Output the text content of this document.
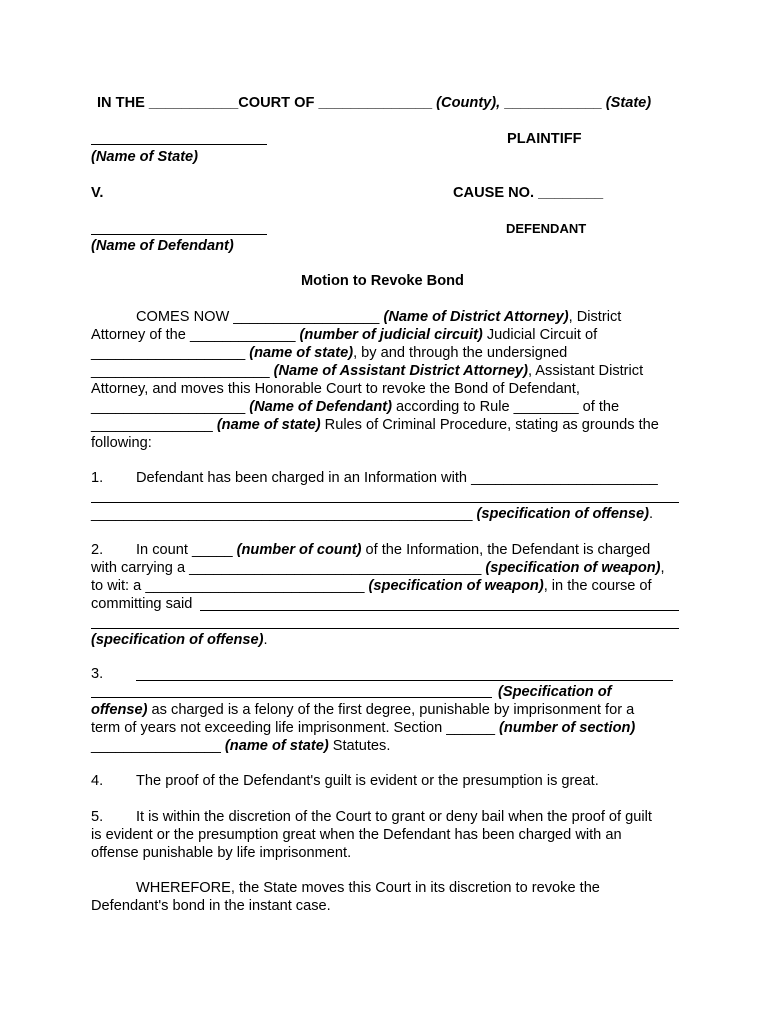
IN THE ___________COURT OF ______________ (County), ____________ (State)
PLAINTIFF
(Name of State)
V.	CAUSE NO. ________
DEFENDANT
(Name of Defendant)
Motion to Revoke Bond
COMES NOW __________________ (Name of District Attorney), District
Attorney of the _____________ (number of judicial circuit) Judicial Circuit of
___________________ (name of state), by and through the undersigned
______________________ (Name of Assistant District Attorney), Assistant District
Attorney, and moves this Honorable Court to revoke the Bond of Defendant,
___________________ (Name of Defendant) according to Rule ________ of the
_______________ (name of state) Rules of Criminal Procedure, stating as grounds the
following:
1. Defendant has been charged in an Information with _______________________
_______________________________________________ (specification of offense).
2. In count _____ (number of count) of the Information, the Defendant is charged
with carrying a ____________________________________ (specification of weapon),
to wit: a ___________________________ (specification of weapon), in the course of
committing said
(specification of offense).
3.
(Specification of
offense) as charged is a felony of the first degree, punishable by imprisonment for a
term of years not exceeding life imprisonment. Section ______ (number of section)
________________ (name of state) Statutes.
4. The proof of the Defendant's guilt is evident or the presumption is great.
5. It is within the discretion of the Court to grant or deny bail when the proof of guilt
is evident or the presumption great when the Defendant has been charged with an
offense punishable by life imprisonment.
WHEREFORE, the State moves this Court in its discretion to revoke the
Defendant's bond in the instant case.
